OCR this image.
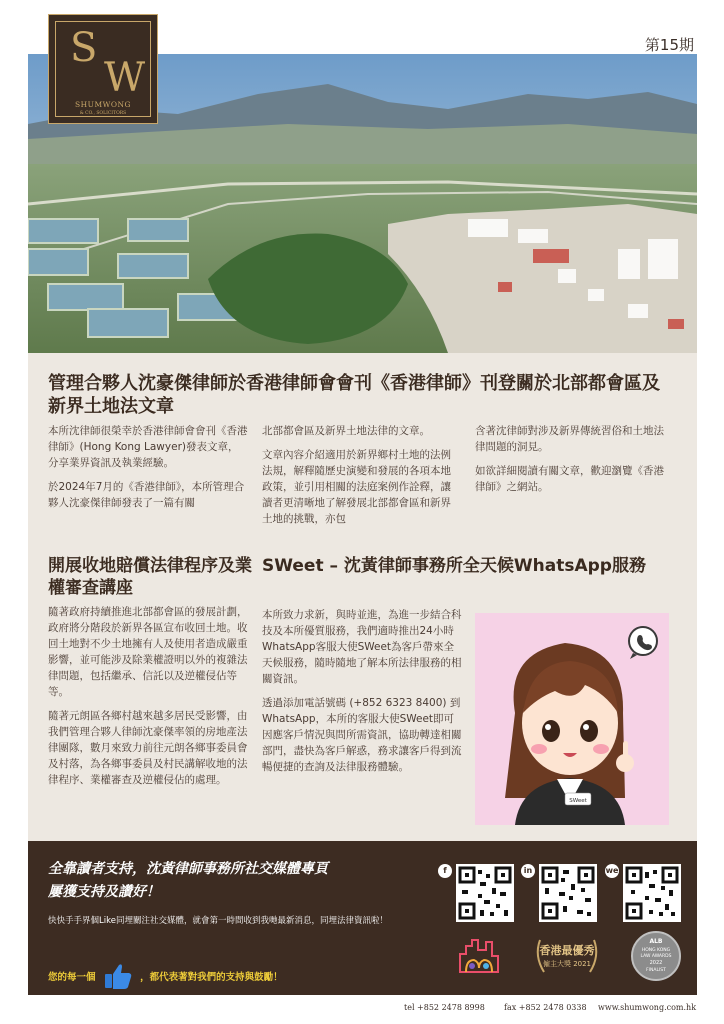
S
W
SHUMWONG
& CO., SOLICITORS
第15期
管理合夥人沈豪傑律師於香港律師會會刊《香港律師》刊登關於北部都會區及新界土地法文章

本所沈律師很榮幸於香港律師會會刊《香港律師》(Hong Kong Lawyer)發表文章，分享業界資訊及執業經驗。

於2024年7月的《香港律師》，本所管理合夥人沈豪傑律師發表了一篇有關

北部都會區及新界土地法律的文章。

文章內容介紹適用於新界鄉村土地的法例法規，解釋隨歷史演變和發展的各項本地政策，並引用相關的法庭案例作詮釋，讓讀者更清晰地了解發展北部都會區和新界土地的挑戰，亦包

含著沈律師對涉及新界傳統習俗和土地法律問題的洞見。

如欲詳細閱讀有關文章，歡迎瀏覽《香港律師》之網站。

開展收地賠償法律程序及業權審查講座

隨著政府持續推進北部都會區的發展計劃，政府將分階段於新界各區宣布收回土地。收回土地對不少土地擁有人及使用者造成嚴重影響，並可能涉及除業權證明以外的複雜法律問題，包括繼承、信託以及逆權侵佔等等。

隨著元朗區各鄉村越來越多居民受影響，由我們管理合夥人律師沈豪傑率領的房地產法律團隊，數月來致力前往元朗各鄉事委員會及村落，為各鄉事委員及村民講解收地的法律程序、業權審查及逆權侵佔的處理。

SWeet – 沈黃律師事務所全天候WhatsApp服務

本所致力求新，與時並進，為進一步結合科技及本所優質服務，我們適時推出24小時WhatsApp客服大使SWeet為客戶帶來全天候服務，隨時隨地了解本所法律服務的相關資訊。

透過添加電話號碼 (+852 6323 8400) 到WhatsApp，本所的客服大使SWeet即可因應客戶情況與問所需資訊，協助轉達相關部門，盡快為客戶解惑，務求讓客戶得到流暢便捷的查詢及法律服務體驗。

SWeet
全靠讀者支持，沈黃律師事務所社交媒體專頁
屢獲支持及讚好！
快快手手界個Like同埋關注社交媒體，就會第一時間收到我哋最新消息，同埋法律資訊啦！
您的每一個	，都代表著對我們的支持與鼓勵！
f	in	we
香港最優秀
僱主大獎 2021
ALB
HONG KONG
LAW AWARDS
2022
FINALIST
tel +852 2478 8998 fax +852 2478 0338 www.shumwong.com.hk
